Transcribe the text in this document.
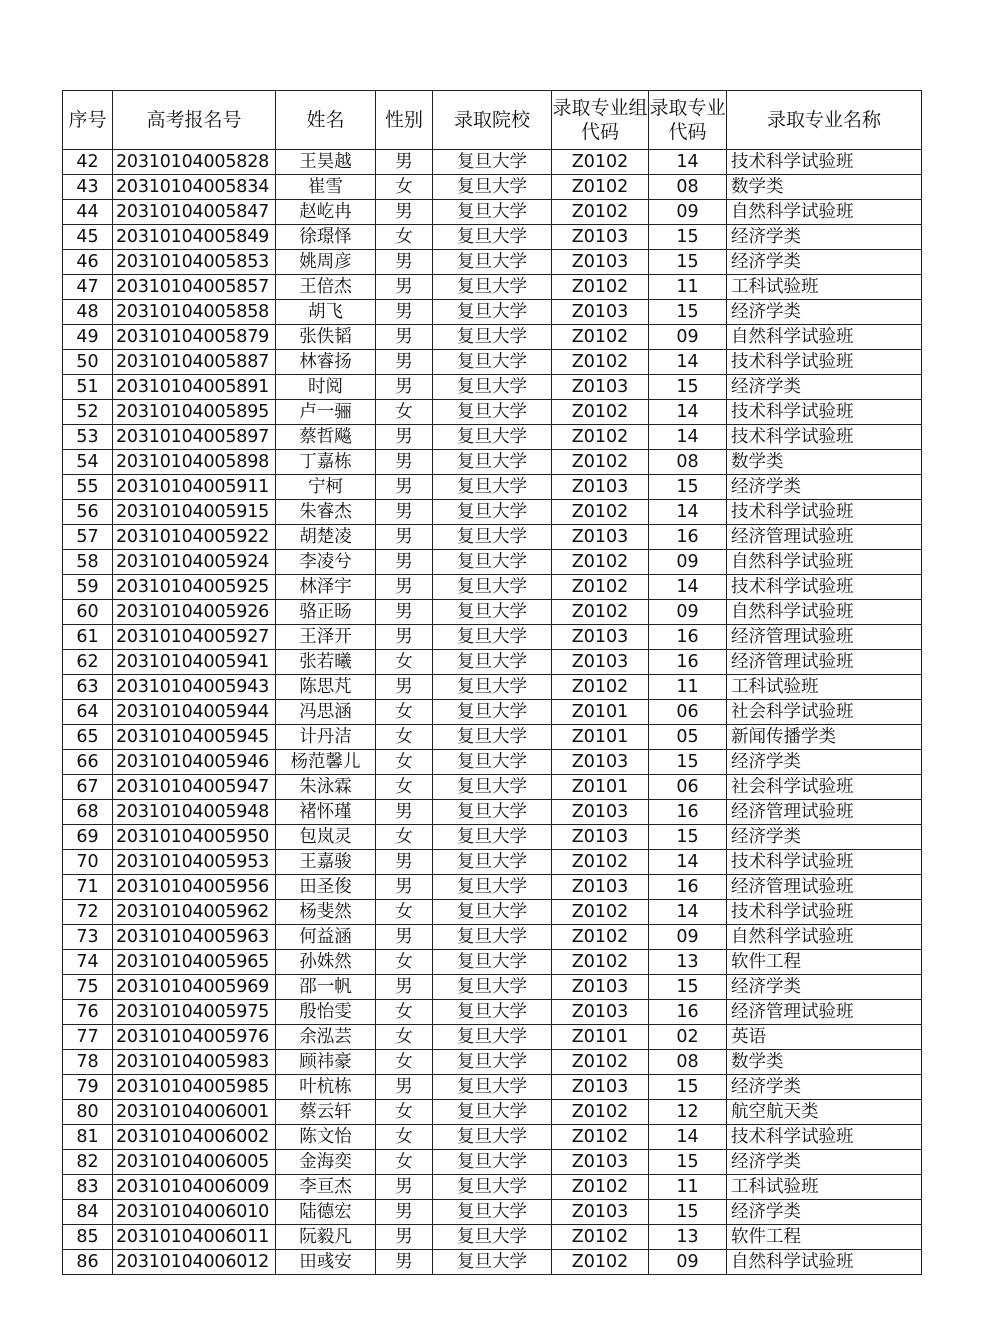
序号	高考报名号	姓名	性别	录取院校	录取专业组代码	录取专业代码	录取专业名称
42	20310104005828	王昊越	男	复旦大学	Z0102	14	技术科学试验班
43	20310104005834	崔雪	女	复旦大学	Z0102	08	数学类
44	20310104005847	赵屹冉	男	复旦大学	Z0102	09	自然科学试验班
45	20310104005849	徐璟怿	女	复旦大学	Z0103	15	经济学类
46	20310104005853	姚周彦	男	复旦大学	Z0103	15	经济学类
47	20310104005857	王倍杰	男	复旦大学	Z0102	11	工科试验班
48	20310104005858	胡飞	男	复旦大学	Z0103	15	经济学类
49	20310104005879	张佚韬	男	复旦大学	Z0102	09	自然科学试验班
50	20310104005887	林睿扬	男	复旦大学	Z0102	14	技术科学试验班
51	20310104005891	时阅	男	复旦大学	Z0103	15	经济学类
52	20310104005895	卢一骊	女	复旦大学	Z0102	14	技术科学试验班
53	20310104005897	蔡哲飚	男	复旦大学	Z0102	14	技术科学试验班
54	20310104005898	丁嘉栋	男	复旦大学	Z0102	08	数学类
55	20310104005911	宁柯	男	复旦大学	Z0103	15	经济学类
56	20310104005915	朱睿杰	男	复旦大学	Z0102	14	技术科学试验班
57	20310104005922	胡楚凌	男	复旦大学	Z0103	16	经济管理试验班
58	20310104005924	李凌兮	男	复旦大学	Z0102	09	自然科学试验班
59	20310104005925	林泽宇	男	复旦大学	Z0102	14	技术科学试验班
60	20310104005926	骆正旸	男	复旦大学	Z0102	09	自然科学试验班
61	20310104005927	王泽开	男	复旦大学	Z0103	16	经济管理试验班
62	20310104005941	张若曦	女	复旦大学	Z0103	16	经济管理试验班
63	20310104005943	陈思芃	男	复旦大学	Z0102	11	工科试验班
64	20310104005944	冯思涵	女	复旦大学	Z0101	06	社会科学试验班
65	20310104005945	计丹洁	女	复旦大学	Z0101	05	新闻传播学类
66	20310104005946	杨范馨儿	女	复旦大学	Z0103	15	经济学类
67	20310104005947	朱泳霖	女	复旦大学	Z0101	06	社会科学试验班
68	20310104005948	褚怀瑾	男	复旦大学	Z0103	16	经济管理试验班
69	20310104005950	包岚灵	女	复旦大学	Z0103	15	经济学类
70	20310104005953	王嘉骏	男	复旦大学	Z0102	14	技术科学试验班
71	20310104005956	田圣俊	男	复旦大学	Z0103	16	经济管理试验班
72	20310104005962	杨斐然	女	复旦大学	Z0102	14	技术科学试验班
73	20310104005963	何益涵	男	复旦大学	Z0102	09	自然科学试验班
74	20310104005965	孙姝然	女	复旦大学	Z0102	13	软件工程
75	20310104005969	邵一帆	男	复旦大学	Z0103	15	经济学类
76	20310104005975	殷怡雯	女	复旦大学	Z0103	16	经济管理试验班
77	20310104005976	余泓芸	女	复旦大学	Z0101	02	英语
78	20310104005983	顾祎豪	女	复旦大学	Z0102	08	数学类
79	20310104005985	叶杭栋	男	复旦大学	Z0103	15	经济学类
80	20310104006001	蔡云轩	女	复旦大学	Z0102	12	航空航天类
81	20310104006002	陈文怡	女	复旦大学	Z0102	14	技术科学试验班
82	20310104006005	金海奕	女	复旦大学	Z0103	15	经济学类
83	20310104006009	李亘杰	男	复旦大学	Z0102	11	工科试验班
84	20310104006010	陆德宏	男	复旦大学	Z0103	15	经济学类
85	20310104006011	阮毅凡	男	复旦大学	Z0102	13	软件工程
86	20310104006012	田彧安	男	复旦大学	Z0102	09	自然科学试验班
